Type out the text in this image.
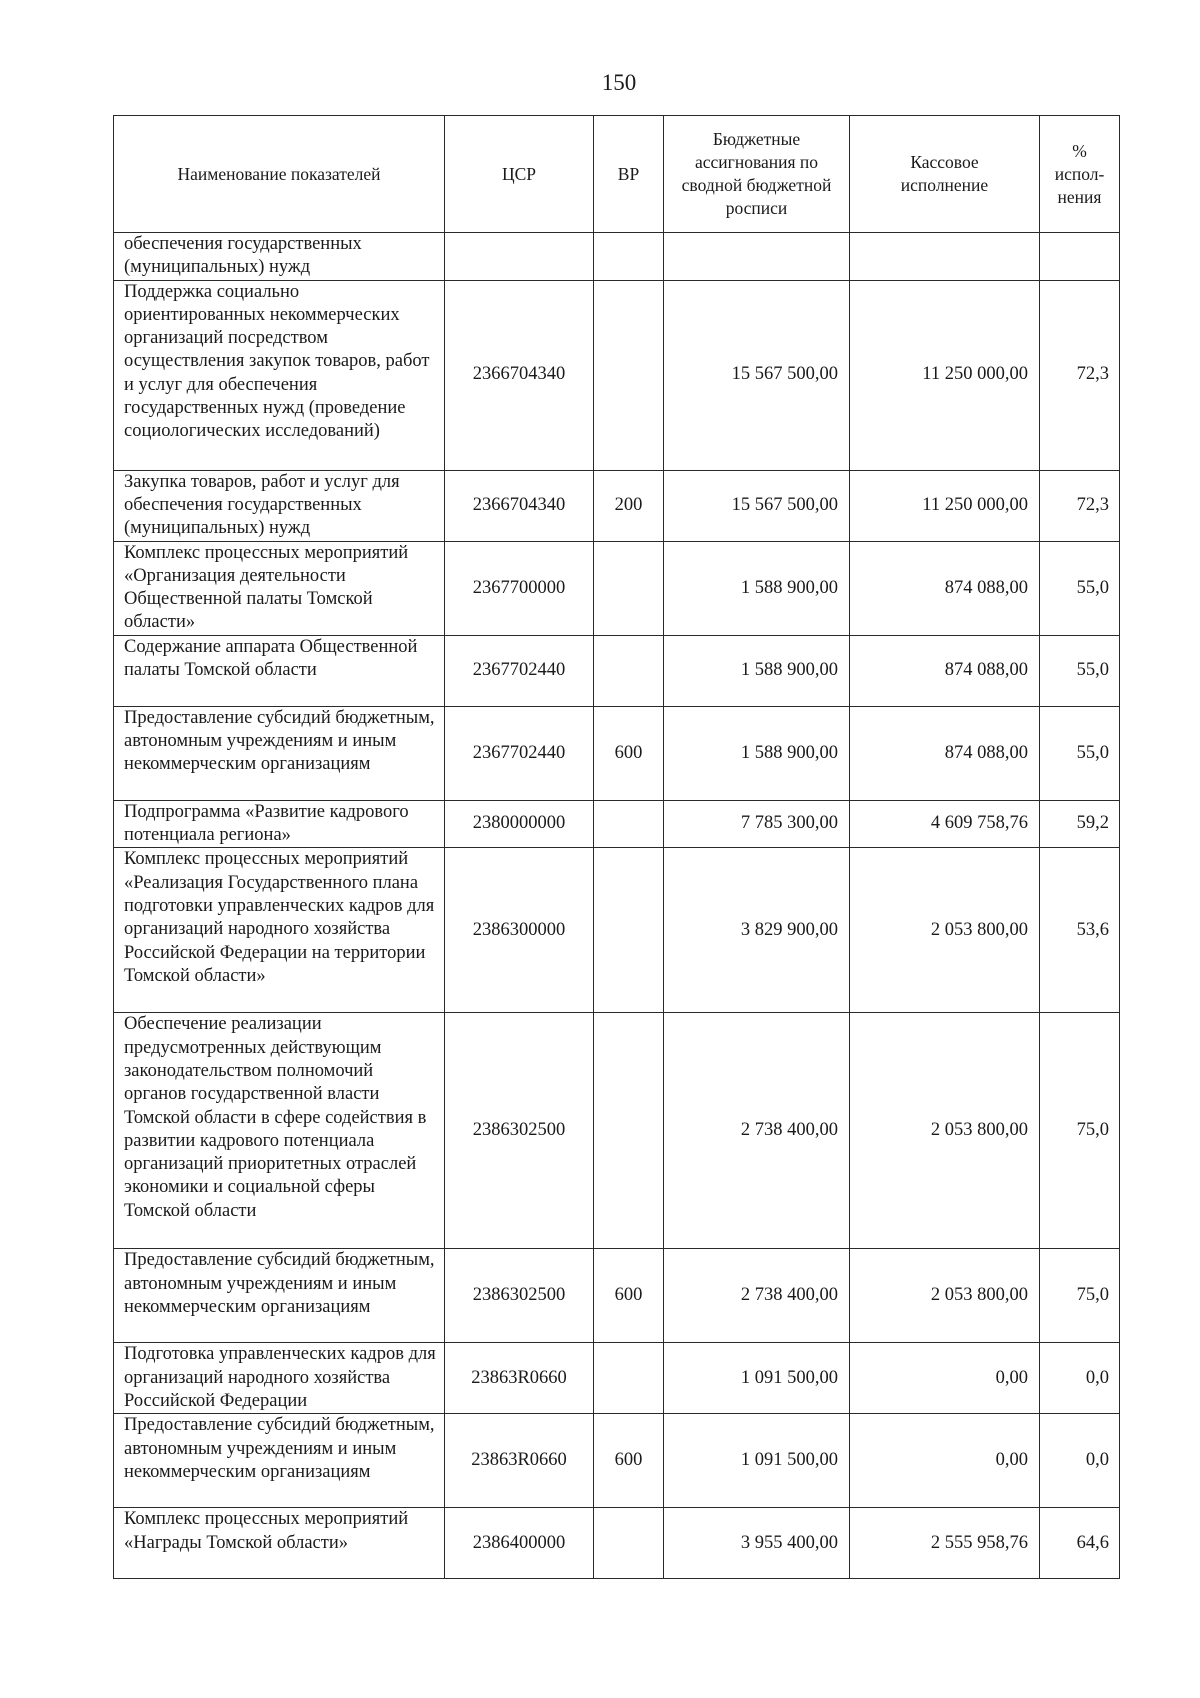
150
Наименование показателей	ЦСР	ВР	Бюджетные ассигнования по сводной бюджетной росписи	Кассовое исполнение	% испол-нения
обеспечения государственных (муниципальных) нужд					
Поддержка социально ориентированных некоммерческих организаций посредством осуществления закупок товаров, работ и услуг для обеспечения государственных нужд (проведение социологических исследований)	2366704340		15 567 500,00	11 250 000,00	72,3
Закупка товаров, работ и услуг для обеспечения государственных (муниципальных) нужд	2366704340	200	15 567 500,00	11 250 000,00	72,3
Комплекс процессных мероприятий «Организация деятельности Общественной палаты Томской области»	2367700000		1 588 900,00	874 088,00	55,0
Содержание аппарата Общественной палаты Томской области	2367702440		1 588 900,00	874 088,00	55,0
Предоставление субсидий бюджетным, автономным учреждениям и иным некоммерческим организациям	2367702440	600	1 588 900,00	874 088,00	55,0
Подпрограмма «Развитие кадрового потенциала региона»	2380000000		7 785 300,00	4 609 758,76	59,2
Комплекс процессных мероприятий «Реализация Государственного плана подготовки управленческих кадров для организаций народного хозяйства Российской Федерации на территории Томской области»	2386300000		3 829 900,00	2 053 800,00	53,6
Обеспечение реализации предусмотренных действующим законодательством полномочий органов государственной власти Томской области в сфере содействия в развитии кадрового потенциала организаций приоритетных отраслей экономики и социальной сферы Томской области	2386302500		2 738 400,00	2 053 800,00	75,0
Предоставление субсидий бюджетным, автономным учреждениям и иным некоммерческим организациям	2386302500	600	2 738 400,00	2 053 800,00	75,0
Подготовка управленческих кадров для организаций народного хозяйства Российской Федерации	23863R0660		1 091 500,00	0,00	0,0
Предоставление субсидий бюджетным, автономным учреждениям и иным некоммерческим организациям	23863R0660	600	1 091 500,00	0,00	0,0
Комплекс процессных мероприятий «Награды Томской области»	2386400000		3 955 400,00	2 555 958,76	64,6
